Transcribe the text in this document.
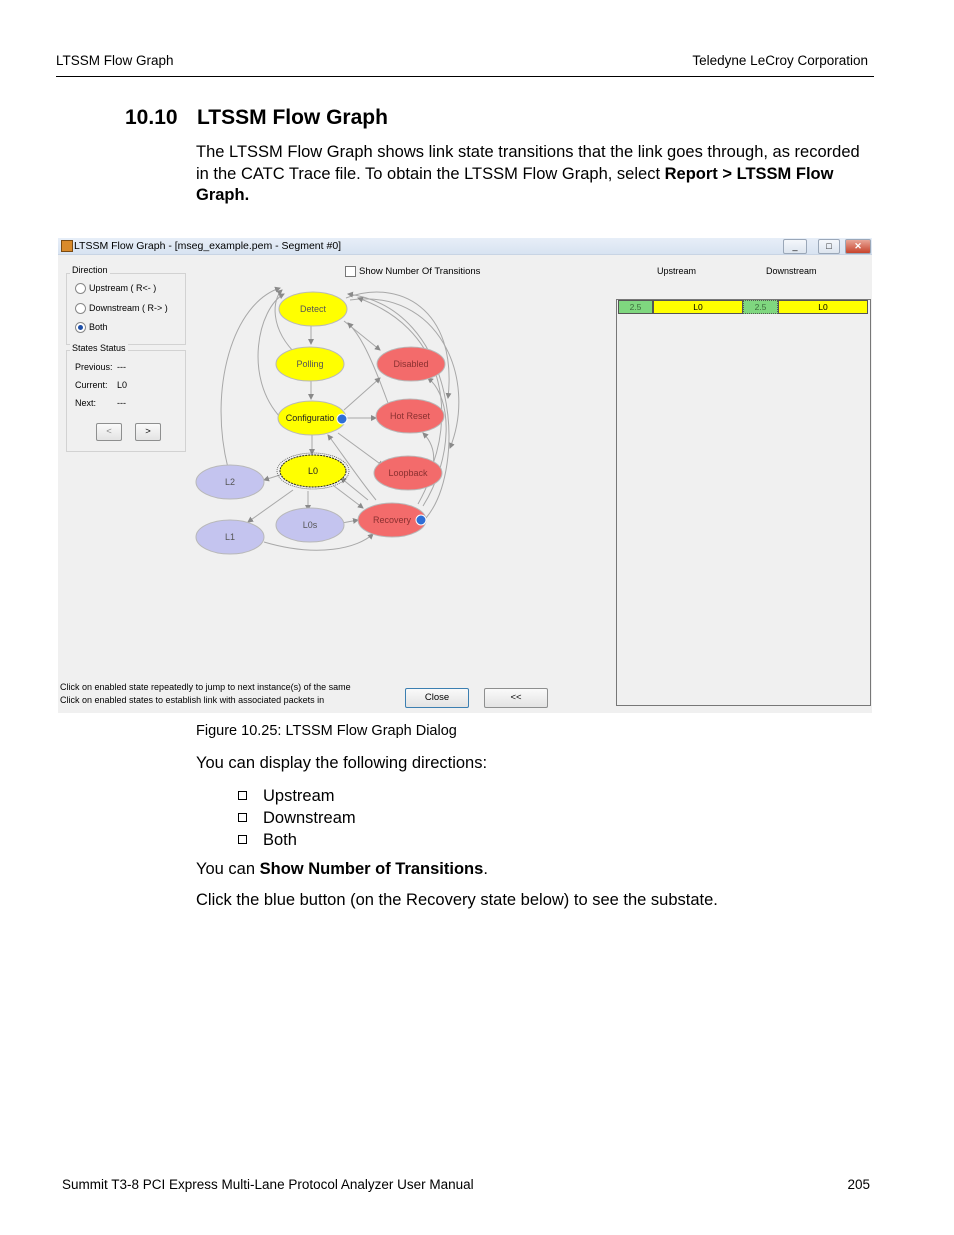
LTSSM Flow Graph	Teledyne LeCroy Corporation
10.10 LTSSM Flow Graph
The LTSSM Flow Graph shows link state transitions that the link goes through, as recorded in the CATC Trace file. To obtain the LTSSM Flow Graph, select Report > LTSSM Flow Graph.
LTSSM Flow Graph - [mseg_example.pem - Segment #0]	_	□	✕
Direction
Upstream ( R<- )
Downstream ( R-> )
Both
States Status
Previous: ---
Current: L0
Next: ---
<	>
Show Number Of Transitions
Detect
Polling
Configuratio
L0
L2
L1
L0s
Disabled
Hot Reset
Loopback
Recovery
Upstream	Downstream
2.5	L0	2.5	L0
Click on enabled state repeatedly to jump to next instance(s) of the same
Click on enabled states to establish link with associated packets in	Close	<<
Figure 10.25: LTSSM Flow Graph Dialog
You can display the following directions:
Upstream
Downstream
Both
You can Show Number of Transitions.
Click the blue button (on the Recovery state below) to see the substate.
Summit T3-8 PCI Express Multi-Lane Protocol Analyzer User Manual	205
